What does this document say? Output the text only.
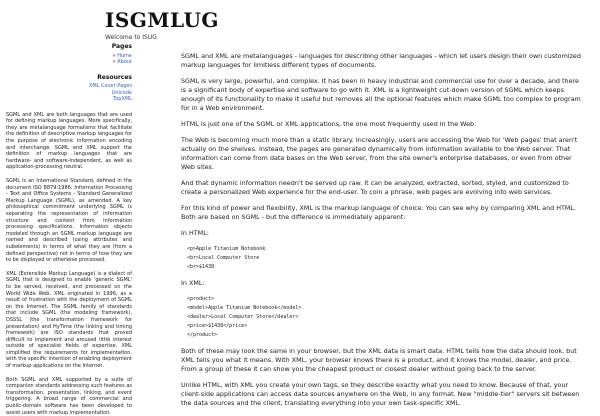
ISGMLUG
Welcome to ISUG
Pages
» Home
» About
Resources
XML Cover Pages
Unicode
TopXML

SGML and XML are both languages that are used for defining markup languages. More specifically, they are metalanguage formalisms that facilitate the definition of descriptive markup languages for the purpose of electronic information encoding and interchange. SGML and XML support the definition of markup languages that are hardware- and software-independent, as well as application-processing neutral.

SGML is an International Standard, defined in the document ISO 8879:1986: Information Processing - Text and Office Systems - Standard Generalized Markup Language (SGML), as amended. A key philosophical commitment underlying SGML is separating the representation of information structure and content from information processing specifications. Information objects modeled through an SGML markup language are named and described (using attributes and subelements) in terms of what they are (from a defined perspective) not in terms of how they are to be displayed or otherwise processed.

XML (Extensible Markup Language) is a dialect of SGML that is designed to enable 'generic SGML' to be served, received, and processed on the World Wide Web. XML originated in 1996, as a result of frustration with the deployment of SGML on the Internet. The SGML family of standards that include SGML (the modeling framework), DSSSL (the transformation framework for presentation) and HyTime (the linking and timing framework) are ISO standards that proved difficult to implement and aroused little interest outside of specialist fields of expertise. XML simplified the requirements for implementation, with the specific intention of enabling deployment of markup applications on the Internet.

Both SGML and XML supported by a suite of companion standards addressing such features as transformation, presentation, linking, and event triggering. A broad range of commercial and public-domain software has been developed to assist users with markup implementation.

SGML and XML are metalanguages - languages for describing other languages - which let users design their own customized markup languages for limitless different types of documents.

SGML is very large, powerful, and complex. It has been in heavy industrial and commercial use for over a decade, and there is a significant body of expertise and software to go with it. XML is a lightweight cut-down version of SGML which keeps enough of its functionality to make it useful but removes all the optional features which make SGML too complex to program for in a Web environment.

HTML is just one of the SGML or XML applications, the one most frequently used in the Web.

The Web is becoming much more than a static library. Increasingly, users are accessing the Web for 'Web pages' that aren't actually on the shelves. Instead, the pages are generated dynamically from information available to the Web server. That information can come from data bases on the Web server, from the site owner's enterprise databases, or even from other Web sites.

And that dynamic information needn't be served up raw. It can be analyzed, extracted, sorted, styled, and customized to create a personalized Web experience for the end-user. To coin a phrase, web pages are evolving into web services.

For this kind of power and flexibility, XML is the markup language of choice. You can see why by comparing XML and HTML. Both are based on SGML - but the difference is immediately apparent:

In HTML:

<p>Apple Titanium Notebook
<br>Local Computer Store
<br>$1438

In XML:

<product>
<model>Apple Titanium Notebook</model>
<dealer>Local Computer Store</dealer>
<price>$1438</price>
</product>

Both of these may look the same in your browser, but the XML data is smart data. HTML tells how the data should look, but XML tells you what it means. With XML, your browser knows there is a product, and it knows the model, dealer, and price. From a group of these it can show you the cheapest product or closest dealer without going back to the server.

Unlike HTML, with XML you create your own tags, so they describe exactly what you need to know. Because of that, your client-side applications can access data sources anywhere on the Web, in any format. New "middle-tier" servers sit between the data sources and the client, translating everything into your own task-specific XML.
